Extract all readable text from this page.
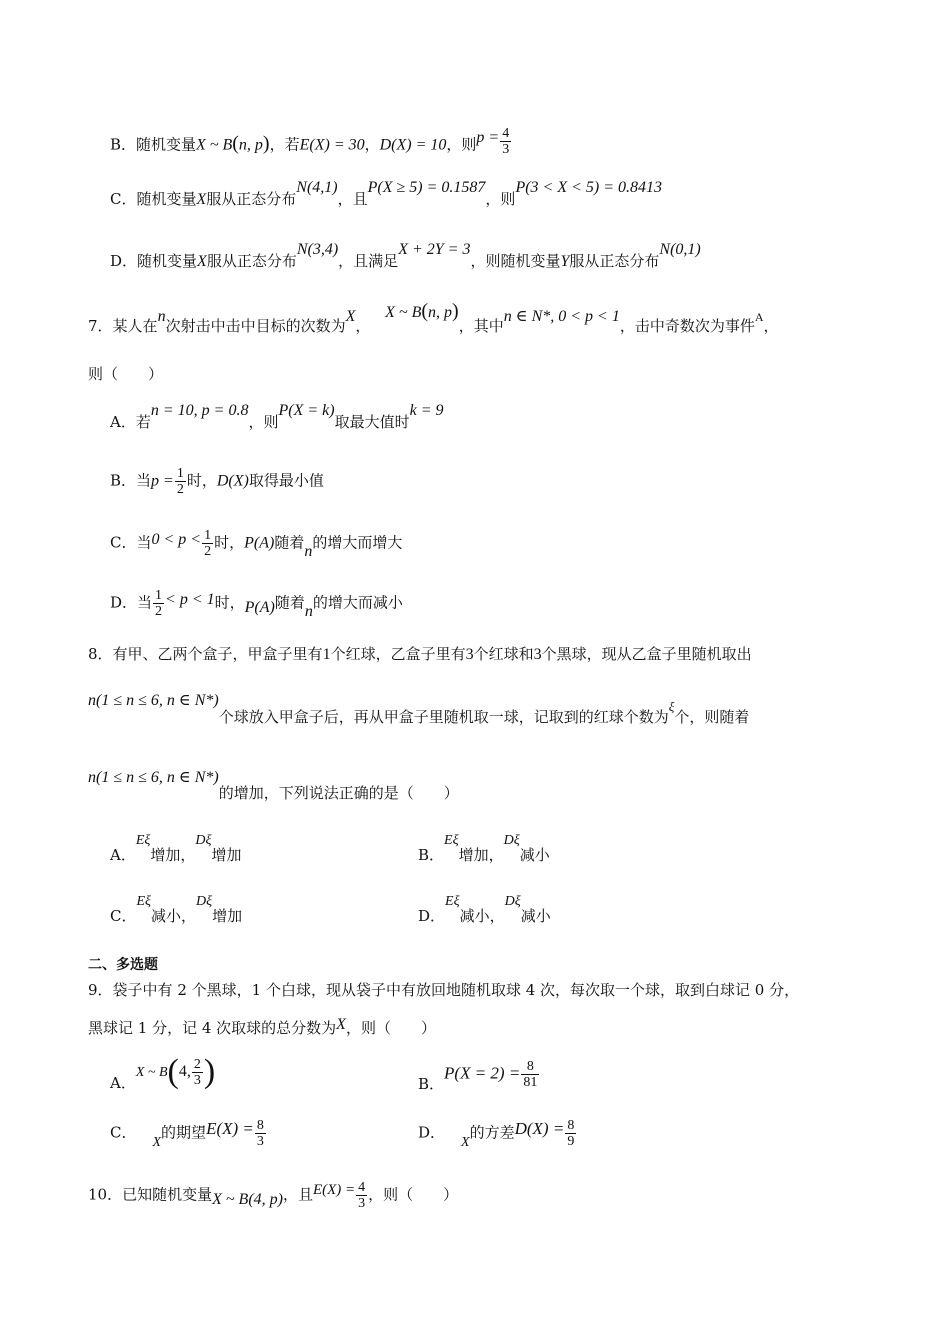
B．随机变量X ~ B(n, p)，若E(X) = 30，D(X) = 10，则$p = \frac{4}{3}$
C．随机变量X服从正态分布N(4,1)，且P(X ≥ 5) = 0.1587，则P(3 < X < 5) = 0.8413
D．随机变量X服从正态分布N(3,4)，且满足X + 2Y = 3，则随机变量Y服从正态分布N(0,1)
7．某人在n次射击中击中目标的次数为X， X ~ B(n, p)，其中n ∈ N*, 0 < p < 1，击中奇数次为事件A，
则（　　）
A．若n = 10, p = 0.8，则P(X = k)取最大值时k = 9
B．当$p = \frac{1}{2}$ 时，D(X)取得最小值
C．当$0 < p < \frac{1}{2}$ 时，P(A)随着n的增大而增大
D．当 $\frac{1}{2} < p < 1$时，P(A)随着n的增大而减小
8．有甲、乙两个盒子，甲盒子里有1个红球，乙盒子里有3个红球和3个黑球，现从乙盒子里随机取出
n(1 ≤ n ≤ 6, n ∈ N*)个球放入甲盒子后，再从甲盒子里随机取一球，记取到的红球个数为ξ个，则随着
n(1 ≤ n ≤ 6, n ∈ N*)的增加，下列说法正确的是（　　）
A．Eξ增加，Dξ增加	B．Eξ增加，Dξ减小
C．Eξ减小，Dξ增加	D．Eξ减小，Dξ减小
二、多选题
9．袋子中有 2 个黑球，1 个白球，现从袋子中有放回地随机取球 4 次，每次取一个球，取到白球记 0 分，
黑球记 1 分，记 4 次取球的总分数为X，则（　　）
A．X ~ B(4, $\frac{2}{3}$ )	B．$P(X = 2) = \frac{8}{81}$
C．X的期望$E(X) = \frac{8}{3}$	D．X的方差$D(X) = \frac{8}{9}$
10．已知随机变量X ~ B(4, p)，且$E(X) = \frac{4}{3}$ ，则（　　）
